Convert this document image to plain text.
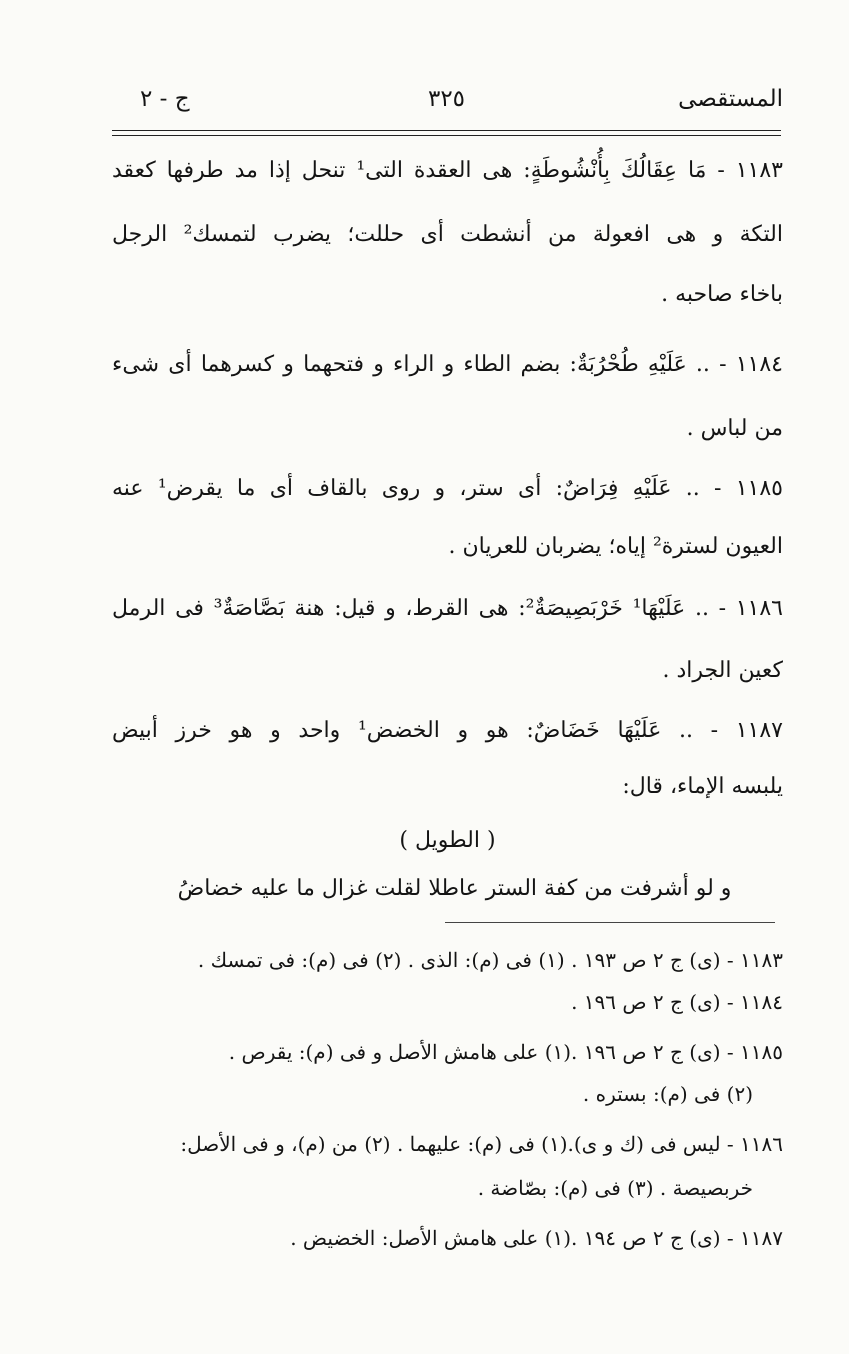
المستقصى
٣٢٥
ج - ٢
١١٨٣ - مَا عِقَالُكَ بِأُنْشُوطَةٍ: هى العقدة التى¹ تنحل إذا مد طرفها كعقد
التكة و هى افعولة من أنشطت أى حللت؛ يضرب لتمسك² الرجل
باخاء صاحبه .
١١٨٤ - .. عَلَيْهِ طُحْرُبَةٌ: بضم الطاء و الراء و فتحهما و كسرهما أى شىء
من لباس .
١١٨٥ - .. عَلَيْهِ فِرَاضٌ: أى ستر، و روى بالقاف أى ما يقرض¹ عنه
العيون لسترة² إياه؛ يضربان للعريان .
١١٨٦ - .. عَلَيْهَا¹ خَرْبَصِيصَةٌ²: هى القرط، و قيل: هنة بَصَّاصَةٌ³ فى الرمل
كعين الجراد .
١١٨٧ - .. عَلَيْهَا خَضَاضٌ: هو و الخضض¹ واحد و هو خرز أبيض
يلبسه الإماء، قال:
( الطويل )
و لو أشرفت من كفة الستر عاطلا لقلت غزال ما عليه خضاضُ
١١٨٣ - (ى) ج ٢ ص ١٩٣ . (١) فى (م): الذى . (٢) فى (م): فى تمسك .
١١٨٤ - (ى) ج ٢ ص ١٩٦ .
١١٨٥ - (ى) ج ٢ ص ١٩٦ .(١) على هامش الأصل و فى (م): يقرص .
(٢) فى (م): بستره .
١١٨٦ - ليس فى (ك و ى).(١) فى (م): عليهما . (٢) من (م)، و فى الأصل:
خربصيصة . (٣) فى (م): بصّاضة .
١١٨٧ - (ى) ج ٢ ص ١٩٤ .(١) على هامش الأصل: الخضيض .
